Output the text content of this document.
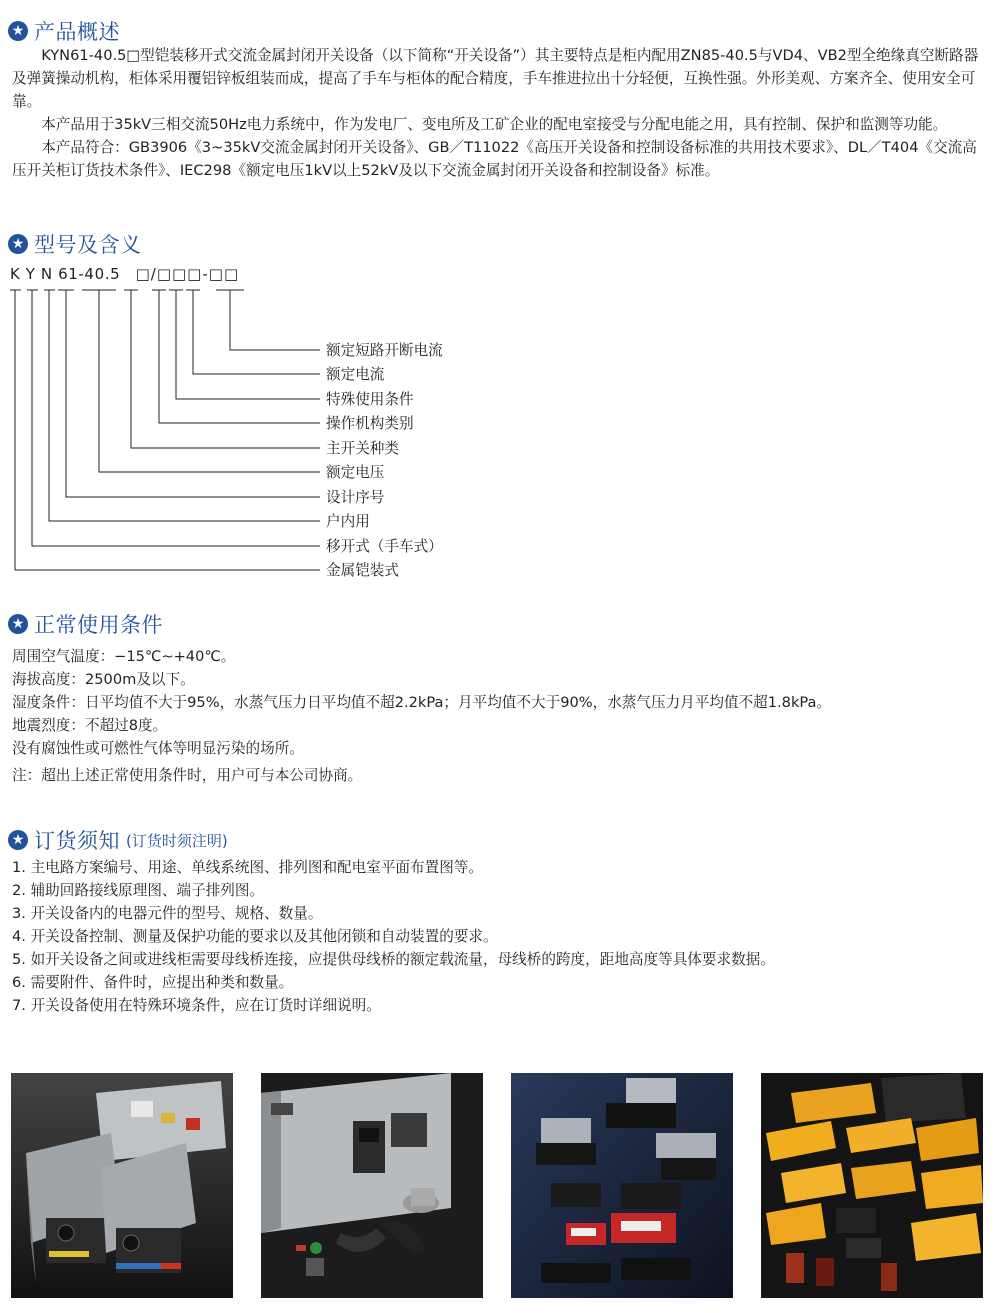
★
产品概述

KYN61-40.5□型铠装移开式交流金属封闭开关设备（以下简称“开关设备”）其主要特点是柜内配用ZN85-40.5与VD4、VB2型全绝缘真空断路器及弹簧操动机构，柜体采用覆铝锌板组装而成，提高了手车与柜体的配合精度，手车推进拉出十分轻便，互换性强。外形美观、方案齐全、使用安全可靠。

本产品用于35kV三相交流50Hz电力系统中，作为发电厂、变电所及工矿企业的配电室接受与分配电能之用，具有控制、保护和监测等功能。

本产品符合：GB3906《3~35kV交流金属封闭开关设备》、GB／T11022《高压开关设备和控制设备标准的共用技术要求》、DL／T404《交流高压开关柜订货技术条件》、IEC298《额定电压1kV以上52kV及以下交流金属封闭开关设备和控制设备》标准。

★
型号及含义
K Y N 61-40.5 □/□□□-□□
额定短路开断电流
额定电流
特殊使用条件
操作机构类别
主开关种类
额定电压
设计序号
户内用
移开式（手车式）
金属铠装式
★
正常使用条件
周围空气温度：−15℃~+40℃。
海拔高度：2500m及以下。
湿度条件：日平均值不大于95%，水蒸气压力日平均值不超2.2kPa；月平均值不大于90%，水蒸气压力月平均值不超1.8kPa。
地震烈度：不超过8度。
没有腐蚀性或可燃性气体等明显污染的场所。
注：超出上述正常使用条件时，用户可与本公司协商。
★
订货须知 (订货时须注明)
1. 主电路方案编号、用途、单线系统图、排列图和配电室平面布置图等。
2. 辅助回路接线原理图、端子排列图。
3. 开关设备内的电器元件的型号、规格、数量。
4. 开关设备控制、测量及保护功能的要求以及其他闭锁和自动装置的要求。
5. 如开关设备之间或进线柜需要母线桥连接，应提供母线桥的额定载流量，母线桥的跨度，距地高度等具体要求数据。
6. 需要附件、备件时，应提出种类和数量。
7. 开关设备使用在特殊环境条件，应在订货时详细说明。
